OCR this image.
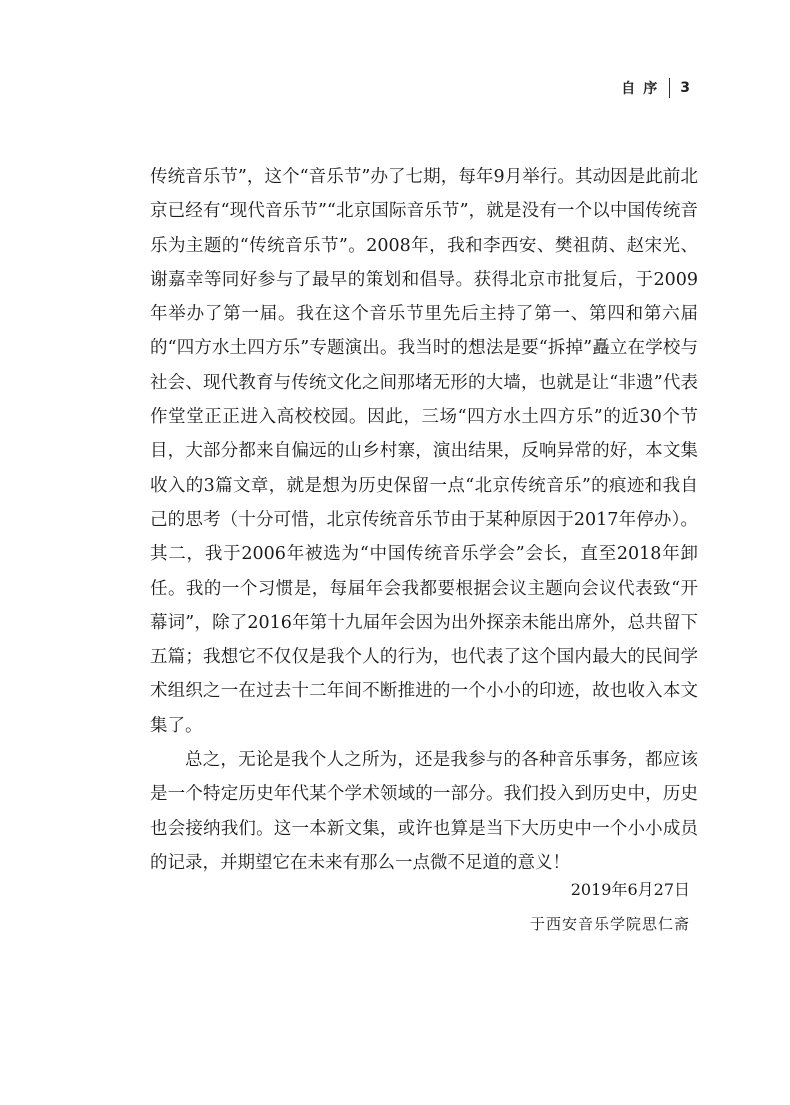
自序 3

传统音乐节”，这个“音乐节”办了七期，每年9月举行。其动因是此前北京已经有“现代音乐节”“北京国际音乐节”，就是没有一个以中国传统音乐为主题的“传统音乐节”。2008年，我和李西安、樊祖荫、赵宋光、谢嘉幸等同好参与了最早的策划和倡导。获得北京市批复后，于2009年举办了第一届。我在这个音乐节里先后主持了第一、第四和第六届的“四方水土四方乐”专题演出。我当时的想法是要“拆掉”矗立在学校与社会、现代教育与传统文化之间那堵无形的大墙，也就是让“非遗”代表作堂堂正正进入高校校园。因此，三场“四方水土四方乐”的近30个节目，大部分都来自偏远的山乡村寨，演出结果，反响异常的好，本文集收入的3篇文章，就是想为历史保留一点“北京传统音乐”的痕迹和我自己的思考（十分可惜，北京传统音乐节由于某种原因于2017年停办）。其二，我于2006年被选为“中国传统音乐学会”会长，直至2018年卸任。我的一个习惯是，每届年会我都要根据会议主题向会议代表致“开幕词”，除了2016年第十九届年会因为出外探亲未能出席外，总共留下五篇；我想它不仅仅是我个人的行为，也代表了这个国内最大的民间学术组织之一在过去十二年间不断推进的一个小小的印迹，故也收入本文集了。

总之，无论是我个人之所为，还是我参与的各种音乐事务，都应该是一个特定历史年代某个学术领域的一部分。我们投入到历史中，历史也会接纳我们。这一本新文集，或许也算是当下大历史中一个小小成员的记录，并期望它在未来有那么一点微不足道的意义！

2019年6月27日
于西安音乐学院思仁斋
